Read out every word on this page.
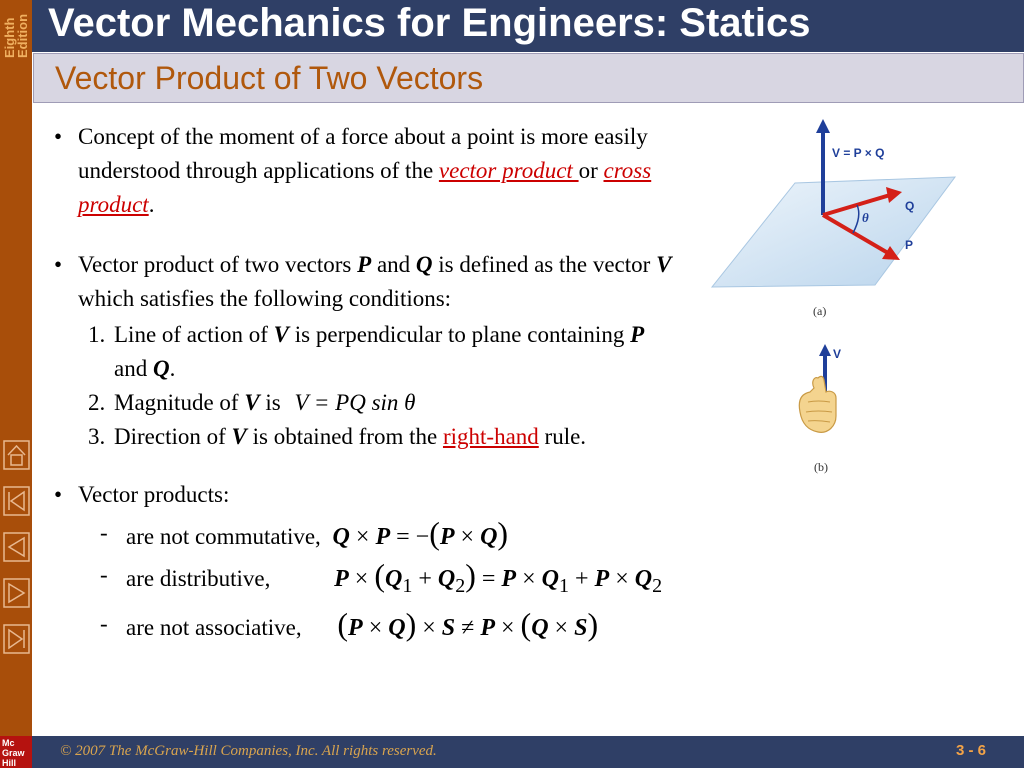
Eighth
Edition
Mc
Graw
Hill
Vector Mechanics for Engineers: Statics
Vector Product of Two Vectors

• Concept of the moment of a force about a point is more easily understood through applications of the vector product or cross product.

• Vector product of two vectors P and Q is defined as the vector V which satisfies the following conditions:

1. Line of action of V is perpendicular to plane containing P and Q.

2. Magnitude of V is V = PQ sin θ

3. Direction of V is obtained from the right-hand rule.

• Vector products:

- are not commutative, Q × P = −(P × Q)

- are distributive,	$P \times (Q_1 + Q_2) = P \times Q_1 + P \times Q_2$

- are not associative, (P × Q) × S ≠ P × (Q × S)

V = P × Q
Q
P
θ
(a)
V
(b)
© 2007 The McGraw-Hill Companies, Inc. All rights reserved.	3 - 6
